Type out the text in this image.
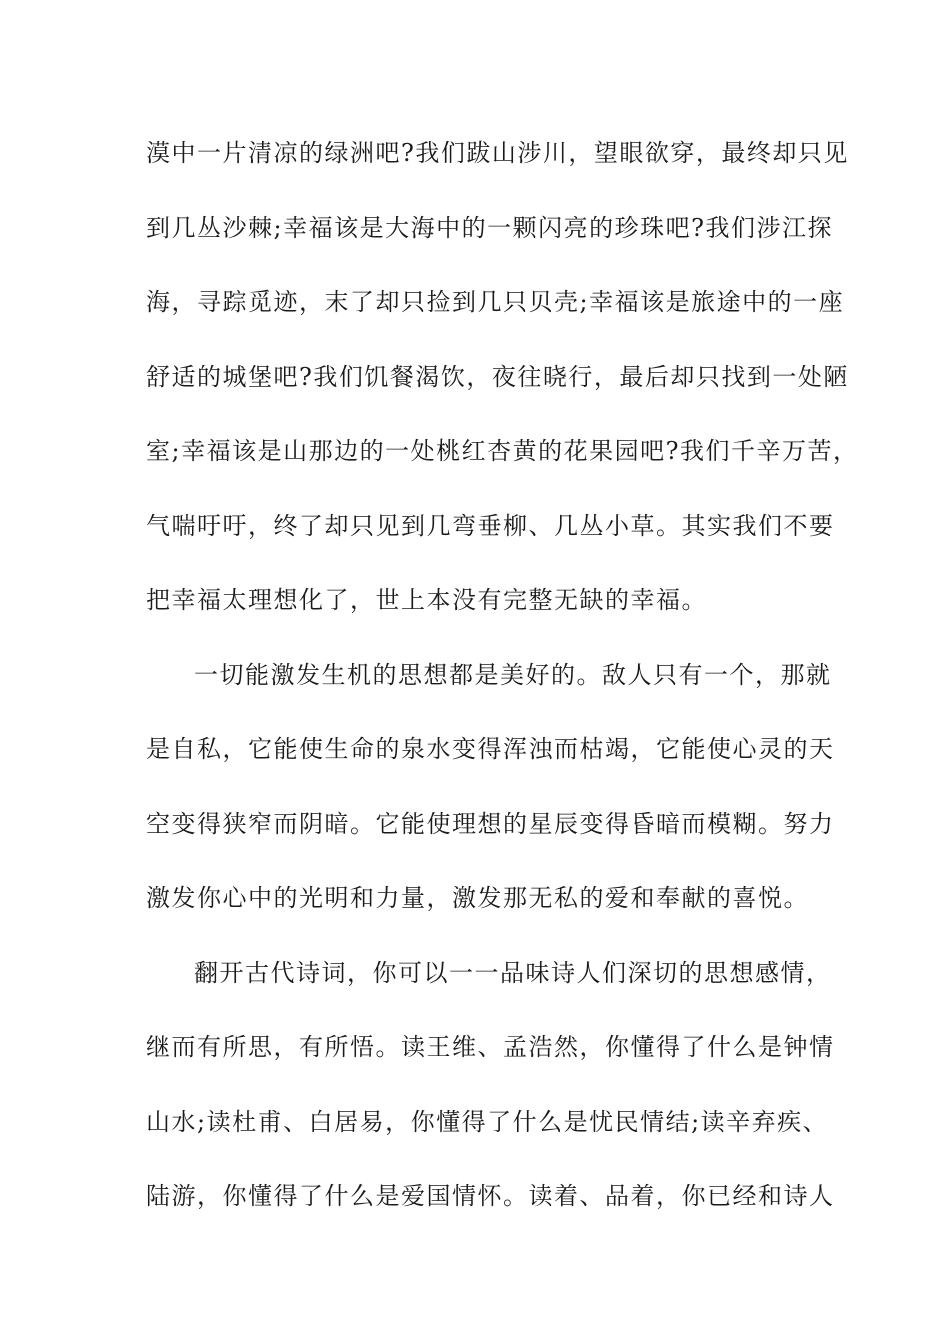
漠中一片清凉的绿洲吧?我们跋山涉川，望眼欲穿，最终却只见
到几丛沙棘;幸福该是大海中的一颗闪亮的珍珠吧?我们涉江探
海，寻踪觅迹，末了却只捡到几只贝壳;幸福该是旅途中的一座
舒适的城堡吧?我们饥餐渴饮，夜往晓行，最后却只找到一处陋
室;幸福该是山那边的一处桃红杏黄的花果园吧?我们千辛万苦，
气喘吁吁，终了却只见到几弯垂柳、几丛小草。其实我们不要
把幸福太理想化了，世上本没有完整无缺的幸福。
一切能激发生机的思想都是美好的。敌人只有一个，那就
是自私，它能使生命的泉水变得浑浊而枯竭，它能使心灵的天
空变得狭窄而阴暗。它能使理想的星辰变得昏暗而模糊。努力
激发你心中的光明和力量，激发那无私的爱和奉献的喜悦。
翻开古代诗词，你可以一一品味诗人们深切的思想感情，
继而有所思，有所悟。读王维、孟浩然，你懂得了什么是钟情
山水;读杜甫、白居易，你懂得了什么是忧民情结;读辛弃疾、
陆游，你懂得了什么是爱国情怀。读着、品着，你已经和诗人
